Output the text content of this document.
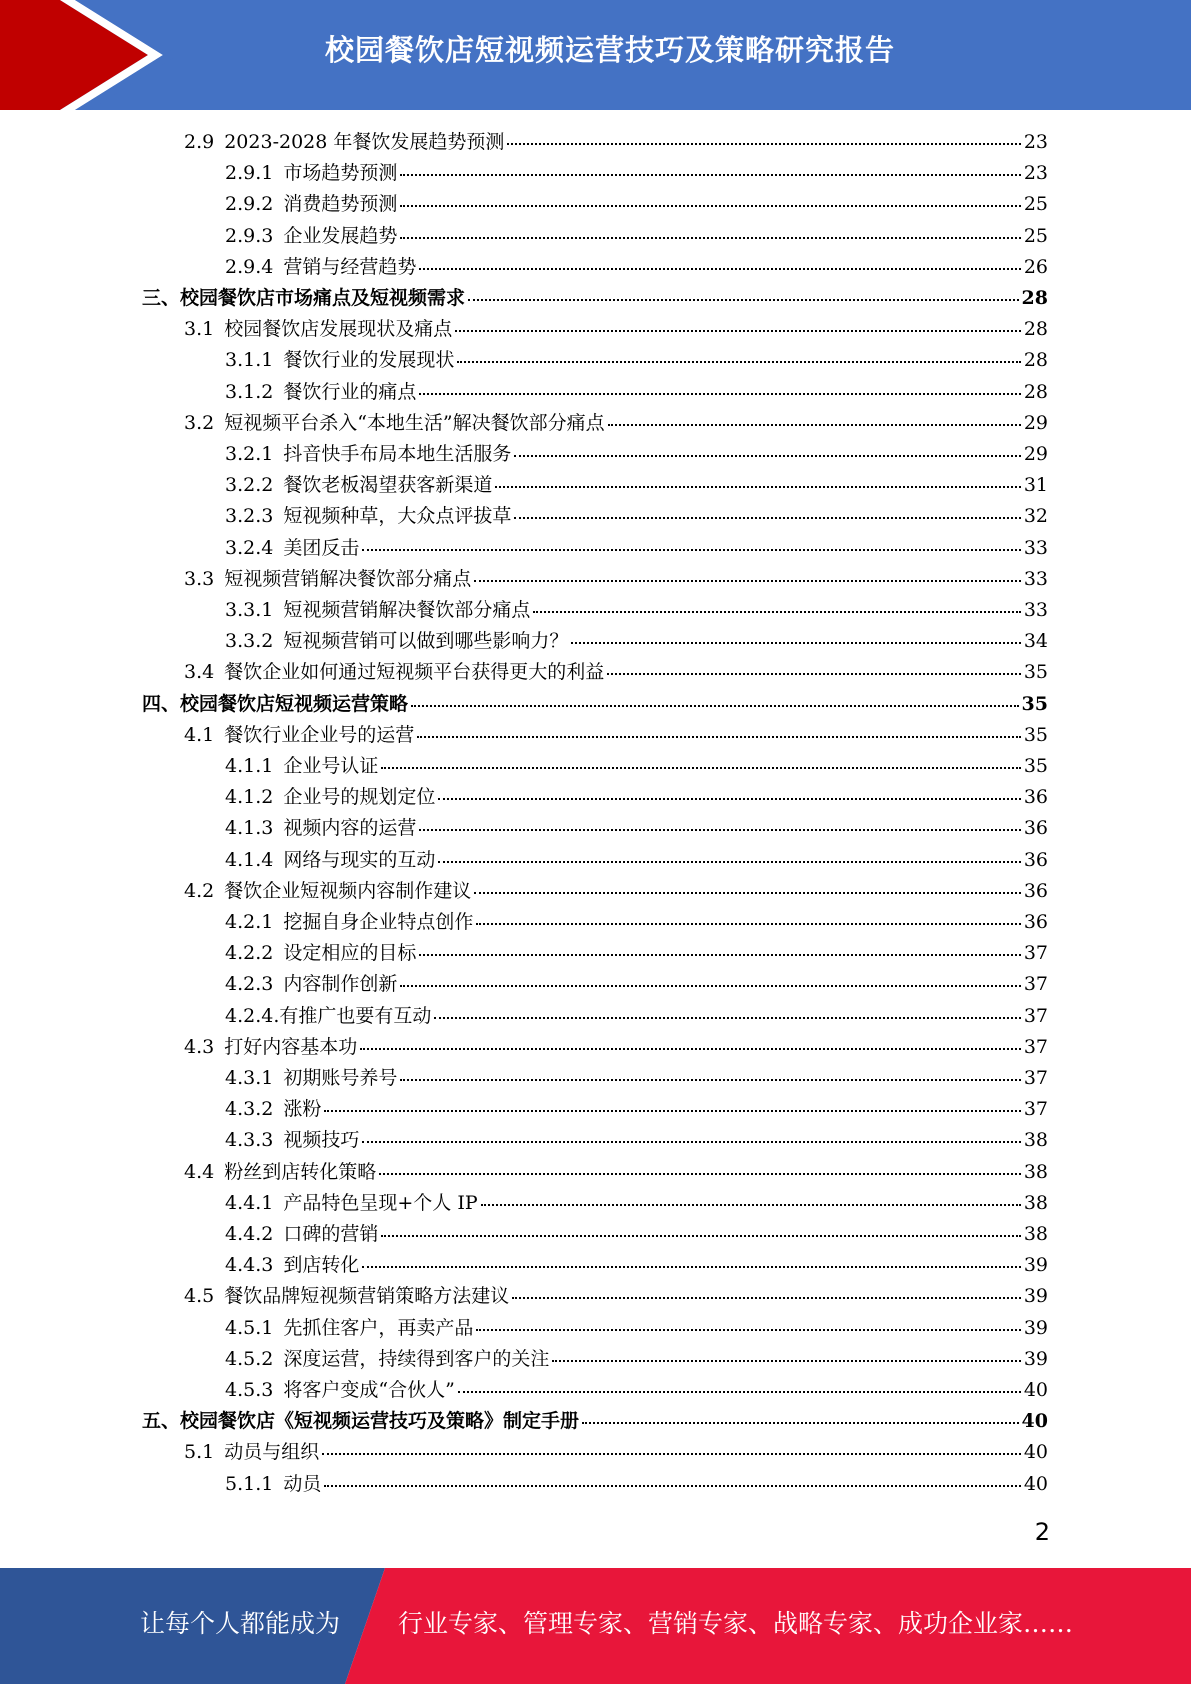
校园餐饮店短视频运营技巧及策略研究报告
2.9 2023-2028 年餐饮发展趋势预测	23
2.9.1 市场趋势预测	23
2.9.2 消费趋势预测	25
2.9.3 企业发展趋势	25
2.9.4 营销与经营趋势	26
三、 校园餐饮店市场痛点及短视频需求	28
3.1 校园餐饮店发展现状及痛点	28
3.1.1 餐饮行业的发展现状	28
3.1.2 餐饮行业的痛点	28
3.2 短视频平台杀入“本地生活”解决餐饮部分痛点	29
3.2.1 抖音快手布局本地生活服务	29
3.2.2 餐饮老板渴望获客新渠道	31
3.2.3 短视频种草，大众点评拔草	32
3.2.4 美团反击	33
3.3 短视频营销解决餐饮部分痛点	33
3.3.1 短视频营销解决餐饮部分痛点	33
3.3.2 短视频营销可以做到哪些影响力？	34
3.4 餐饮企业如何通过短视频平台获得更大的利益	35
四、 校园餐饮店短视频运营策略	35
4.1 餐饮行业企业号的运营	35
4.1.1 企业号认证	35
4.1.2 企业号的规划定位	36
4.1.3 视频内容的运营	36
4.1.4 网络与现实的互动	36
4.2 餐饮企业短视频内容制作建议	36
4.2.1 挖掘自身企业特点创作	36
4.2.2 设定相应的目标	37
4.2.3 内容制作创新	37
4.2.4.有推广也要有互动	37
4.3 打好内容基本功	37
4.3.1 初期账号养号	37
4.3.2 涨粉	37
4.3.3 视频技巧	38
4.4 粉丝到店转化策略	38
4.4.1 产品特色呈现+个人 IP	38
4.4.2 口碑的营销	38
4.4.3 到店转化	39
4.5 餐饮品牌短视频营销策略方法建议	39
4.5.1 先抓住客户，再卖产品	39
4.5.2 深度运营，持续得到客户的关注	39
4.5.3 将客户变成“合伙人”	40
五、 校园餐饮店《短视频运营技巧及策略》制定手册	40
5.1 动员与组织	40
5.1.1 动员	40
2
让每个人都能成为 行业专家、管理专家、营销专家、战略专家、成功企业家……
